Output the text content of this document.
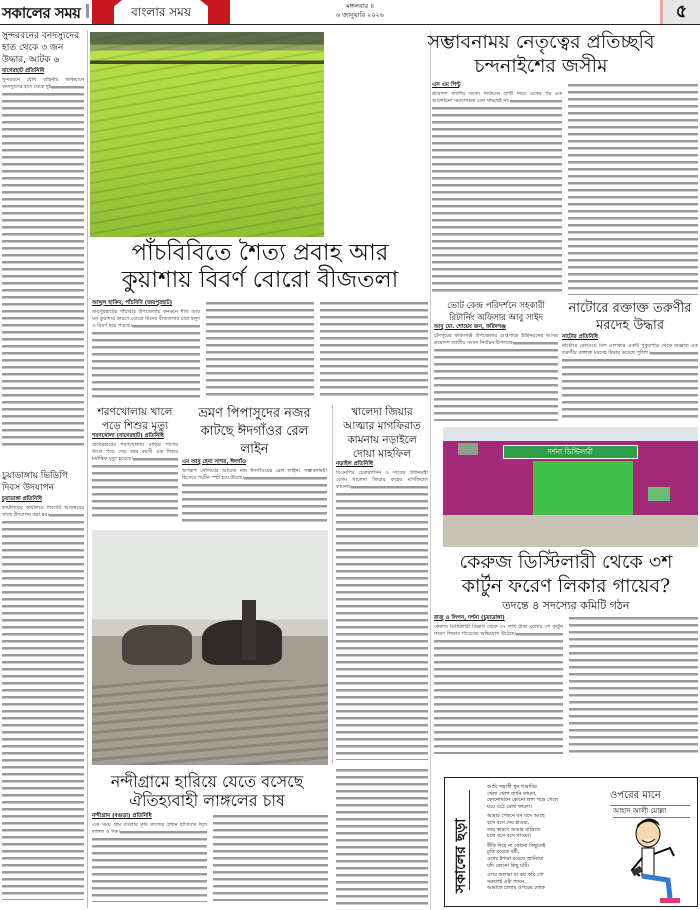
সকালের সময়	বাংলার সময়	মঙ্গলবার ॥
৬ জানুয়ারি ২০২৬	৫
সুন্দরবনের বনদস্যুদের হাত থেকে ৩ জন উদ্ধার, আটক ৬
বাগেরহাট প্রতিনিধি
সুন্দরবনে যৌথ বাহিনীর অভিযানে বনদস্যুদের হাত থেকে দুই
চুয়াডাঙ্গায় ভিডিপি দিবস উদযাপন
চুয়াডাঙ্গা প্রতিনিধি
কার্যালয়ের কার্যালয়ে দিবসটি আড়ম্বরের সাথে উদযাপন করা হয়।
পাঁচবিবিতে শৈত্য প্রবাহ আর কুয়াশায় বিবর্ণ বোরো বীজতলা
আব্দুল হাকিম, পাঁচবিবি (জয়পুরহাট)
জয়পুরহাটের পাঁচবিবি উপজেলায় কনকনে শীত আর ঘন কুয়াশার কারণে বোরো ধানের বীজতলার চারা হলুদ ও বিবর্ণ হয়ে পড়ছে।
শরণখোলায় খালে পড়ে শিশুর মৃত্যু
শরণখোলা (বাগেরহাট) প্রতিনিধি
বাগেরহাটের শরণখোলায় বাড়ির পাশের খালে পড়ে দেড় বছর বয়সী এক শিশুর মর্মান্তিক মৃত্যু হয়েছে।
ভ্রমণ পিপাসুদের নজর কাটছে ঈদগাঁওর রেল লাইন
এম আবু হেনা সাগর, ঈদগাঁও
অপরূপ সৌন্দর্যের আরেক নাম ঈদগাঁওয়ের রেল লাইন। সম্ভাবনাময়ী হিসেবে পর্যটন স্পট হয়ে উঠছে।
খালেদা জিয়ার আত্মার মাগফিরাত কামনায় নড়াইলে দোয়া মাহফিল
নড়াইল প্রতিনিধি
বিএনপির চেয়ারপার্সন ও সাবেক প্রধানমন্ত্রী বেগম খালেদা জিয়ার রুহের মাগফিরাত কামনায়
নন্দীগ্রামে হারিয়ে যেতে বসেছে ঐতিহ্যবাহী লাঙ্গলের চাষ
নন্দীগ্রাম (বগুড়া) প্রতিনিধি
এক সময় গ্রাম বাংলার কৃষি কাজের প্রধান হাতিয়ার ছিল লাঙ্গল ও গরু।
সম্ভাবনাময় নেতৃত্বের প্রতিচ্ছবি চন্দনাইশের জসীম
এস এম পিন্টু
ত্রয়োদশ জাতীয় সংসদ নির্বাচনে প্রার্থী নিয়ে একের পর এক আলোচনা সমালোচনা যেন থামছেই না।
ভোট কেন্দ্র পরিদর্শনে সহকারী রিটার্নিং অফিসার আবু সাইদ
আবু মো. শোয়েব জন, ফরিদগঞ্জ
চাঁদপুরের ফরিদগঞ্জ উপজেলার গুপ্তপাড়া ইউনিয়নের আসন্ন ত্রয়োদশ জাতীয় সংসদ নির্বাচন উপলক্ষে
নাটোরে রক্তাক্ত তরুণীর মরদেহ উদ্ধার
নাটোর প্রতিনিধি
নাটোরে রেলওয়ে বিল এলাকার একটি পুকুরপাড় থেকে অজ্ঞাত এক তরুণীর রক্তাক্ত মরদেহ উদ্ধার করেছে পুলিশ।
দর্শনা ডিস্টিলারী
কেরুজ ডিস্টিলারী থেকে ৩শ কার্টুন ফরেণ লিকার গায়েব?
তদন্তে ৪ সদস্যের কমিটি গঠন
রাজু ও লিপন, দর্শনা (চুয়াডাঙ্গা)
কেরুজ ডিস্টিলারী বিভাগ থেকে ৩৭ লাখ টাকা মূল্যের ৩শ কার্টুন ফরেণ লিকার গায়েবের অভিযোগ উঠেছে।
সকালের ছড়া
আমি সন্ত্রাসী খুন খারাবির
খেলা খেলা জানি কায়দা,
কোনোখানে কোনো লাশ পড়ে গেলে
ঘরে ওঠে মেলা ফায়দা।
আমার পেছনে বস বসে আছে
বসে বসে দেয় হাওয়া,
তার কারণে আমার বাড়িতে
চলে বসে বসে খাওয়া।
উঁকি দিয়ে না কোনো কিছুতেই
ঢুকি রয়েছে বর্ষী,
ওদের ইশারা রয়েছে জানিয়ো
যদি কোনো কিছু ঘটি।
ওপর অলারা যা কয় করি গো
সকলেই এটা জানে,
আমাকে চালায় ওপরের লোক
ওপরের মানে
আহাদ আলী মোল্লা
